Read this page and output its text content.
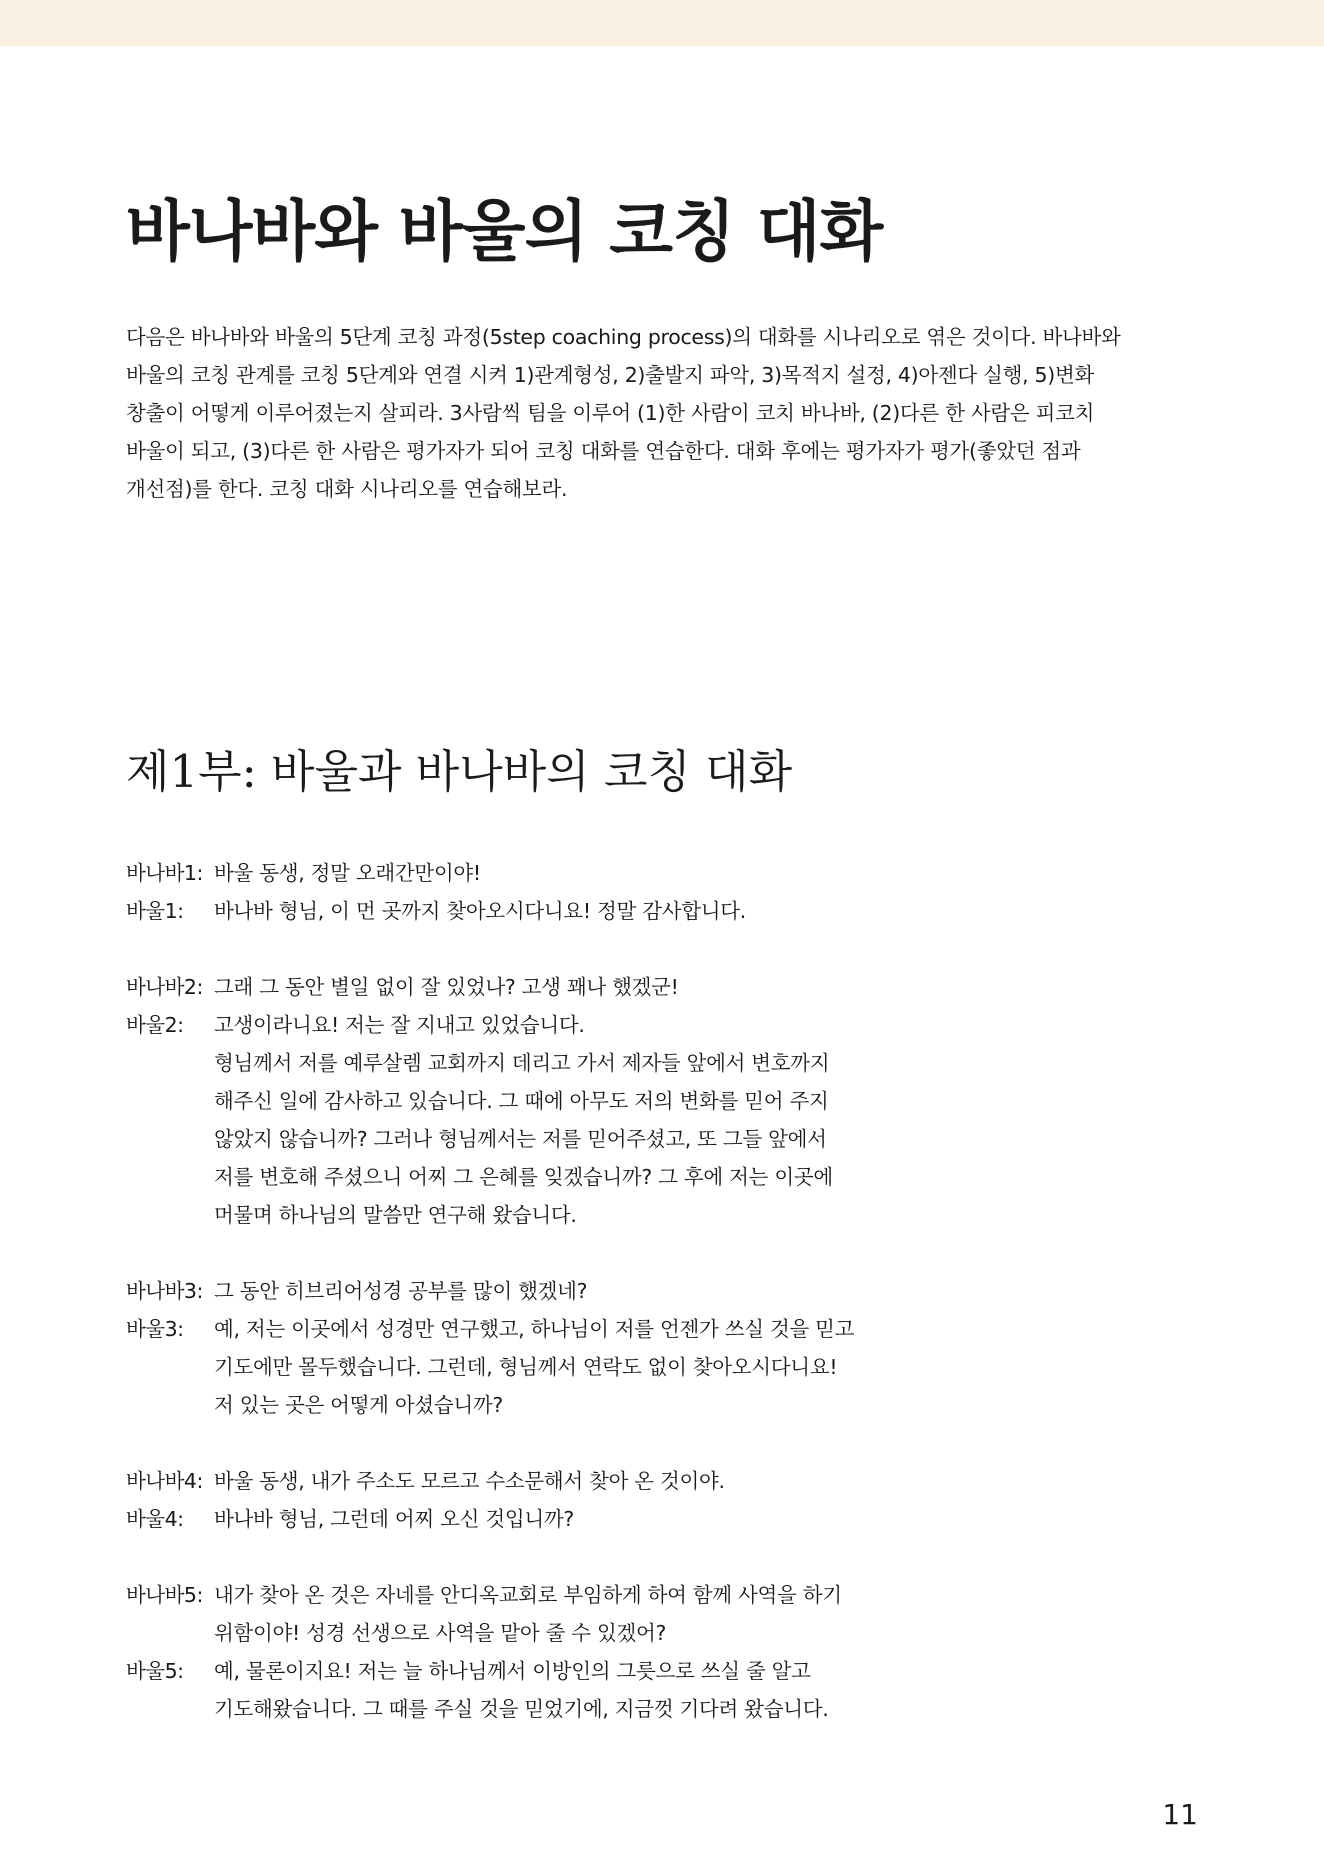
바나바와 바울의 코칭 대화
다음은 바나바와 바울의 5단계 코칭 과정(5step coaching process)의 대화를 시나리오로 엮은 것이다. 바나바와
바울의 코칭 관계를 코칭 5단계와 연결 시켜 1)관계형성, 2)출발지 파악, 3)목적지 설정, 4)아젠다 실행, 5)변화
창출이 어떻게 이루어졌는지 살피라. 3사람씩 팀을 이루어 (1)한 사람이 코치 바나바, (2)다른 한 사람은 피코치
바울이 되고, (3)다른 한 사람은 평가자가 되어 코칭 대화를 연습한다. 대화 후에는 평가자가 평가(좋았던 점과
개선점)를 한다. 코칭 대화 시나리오를 연습해보라.
제1부: 바울과 바나바의 코칭 대화
바나바1: 바울 동생, 정말 오래간만이야!
바울1:	바나바 형님, 이 먼 곳까지 찾아오시다니요! 정말 감사합니다.
바나바2: 그래 그 동안 별일 없이 잘 있었나? 고생 꽤나 했겠군!
바울2:	고생이라니요! 저는 잘 지내고 있었습니다.
형님께서 저를 예루살렘 교회까지 데리고 가서 제자들 앞에서 변호까지
해주신 일에 감사하고 있습니다. 그 때에 아무도 저의 변화를 믿어 주지
않았지 않습니까? 그러나 형님께서는 저를 믿어주셨고, 또 그들 앞에서
저를 변호해 주셨으니 어찌 그 은혜를 잊겠습니까? 그 후에 저는 이곳에
머물며 하나님의 말씀만 연구해 왔습니다.
바나바3: 그 동안 히브리어성경 공부를 많이 했겠네?
바울3:	예, 저는 이곳에서 성경만 연구했고, 하나님이 저를 언젠가 쓰실 것을 믿고
기도에만 몰두했습니다. 그런데, 형님께서 연락도 없이 찾아오시다니요!
저 있는 곳은 어떻게 아셨습니까?
바나바4: 바울 동생, 내가 주소도 모르고 수소문해서 찾아 온 것이야.
바울4:	바나바 형님, 그런데 어찌 오신 것입니까?
바나바5: 내가 찾아 온 것은 자네를 안디옥교회로 부임하게 하여 함께 사역을 하기
위함이야! 성경 선생으로 사역을 맡아 줄 수 있겠어?
바울5:	예, 물론이지요! 저는 늘 하나님께서 이방인의 그릇으로 쓰실 줄 알고
기도해왔습니다. 그 때를 주실 것을 믿었기에, 지금껏 기다려 왔습니다.
11
